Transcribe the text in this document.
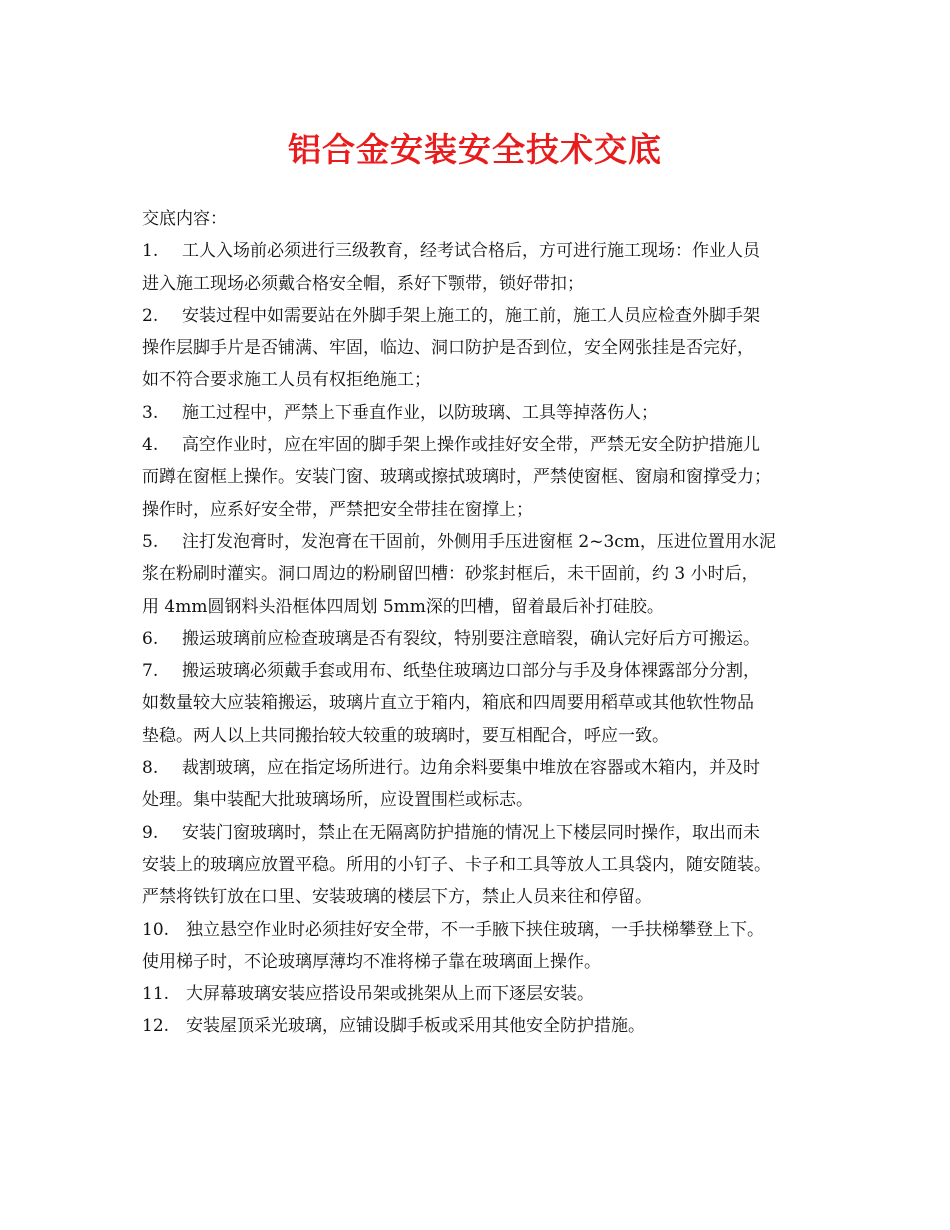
铝合金安装安全技术交底
交底内容：
1. 工人入场前必须进行三级教育，经考试合格后，方可进行施工现场：作业人员
进入施工现场必须戴合格安全帽，系好下颚带，锁好带扣；
2. 安装过程中如需要站在外脚手架上施工的，施工前，施工人员应检查外脚手架
操作层脚手片是否铺满、牢固，临边、洞口防护是否到位，安全网张挂是否完好，
如不符合要求施工人员有权拒绝施工；
3. 施工过程中，严禁上下垂直作业，以防玻璃、工具等掉落伤人；
4. 高空作业时，应在牢固的脚手架上操作或挂好安全带，严禁无安全防护措施儿
而蹲在窗框上操作。安装门窗、玻璃或擦拭玻璃时，严禁使窗框、窗扇和窗撑受力；
操作时，应系好安全带，严禁把安全带挂在窗撑上；
5. 注打发泡膏时，发泡膏在干固前，外侧用手压进窗框 2~3cm，压进位置用水泥
浆在粉刷时灌实。洞口周边的粉刷留凹槽：砂浆封框后，未干固前，约 3 小时后，
用 4mm圆钢料头沿框体四周划 5mm深的凹槽，留着最后补打硅胶。
6. 搬运玻璃前应检查玻璃是否有裂纹，特别要注意暗裂，确认完好后方可搬运。
7. 搬运玻璃必须戴手套或用布、纸垫住玻璃边口部分与手及身体裸露部分分割，
如数量较大应装箱搬运，玻璃片直立于箱内，箱底和四周要用稻草或其他软性物品
垫稳。两人以上共同搬抬较大较重的玻璃时，要互相配合，呼应一致。
8. 裁割玻璃，应在指定场所进行。边角余料要集中堆放在容器或木箱内，并及时
处理。集中装配大批玻璃场所，应设置围栏或标志。
9. 安装门窗玻璃时，禁止在无隔离防护措施的情况上下楼层同时操作，取出而未
安装上的玻璃应放置平稳。所用的小钉子、卡子和工具等放人工具袋内，随安随装。
严禁将铁钉放在口里、安装玻璃的楼层下方，禁止人员来往和停留。
10. 独立悬空作业时必须挂好安全带，不一手腋下挟住玻璃，一手扶梯攀登上下。
使用梯子时，不论玻璃厚薄均不准将梯子靠在玻璃面上操作。
11. 大屏幕玻璃安装应搭设吊架或挑架从上而下逐层安装。
12. 安装屋顶采光玻璃，应铺设脚手板或采用其他安全防护措施。
